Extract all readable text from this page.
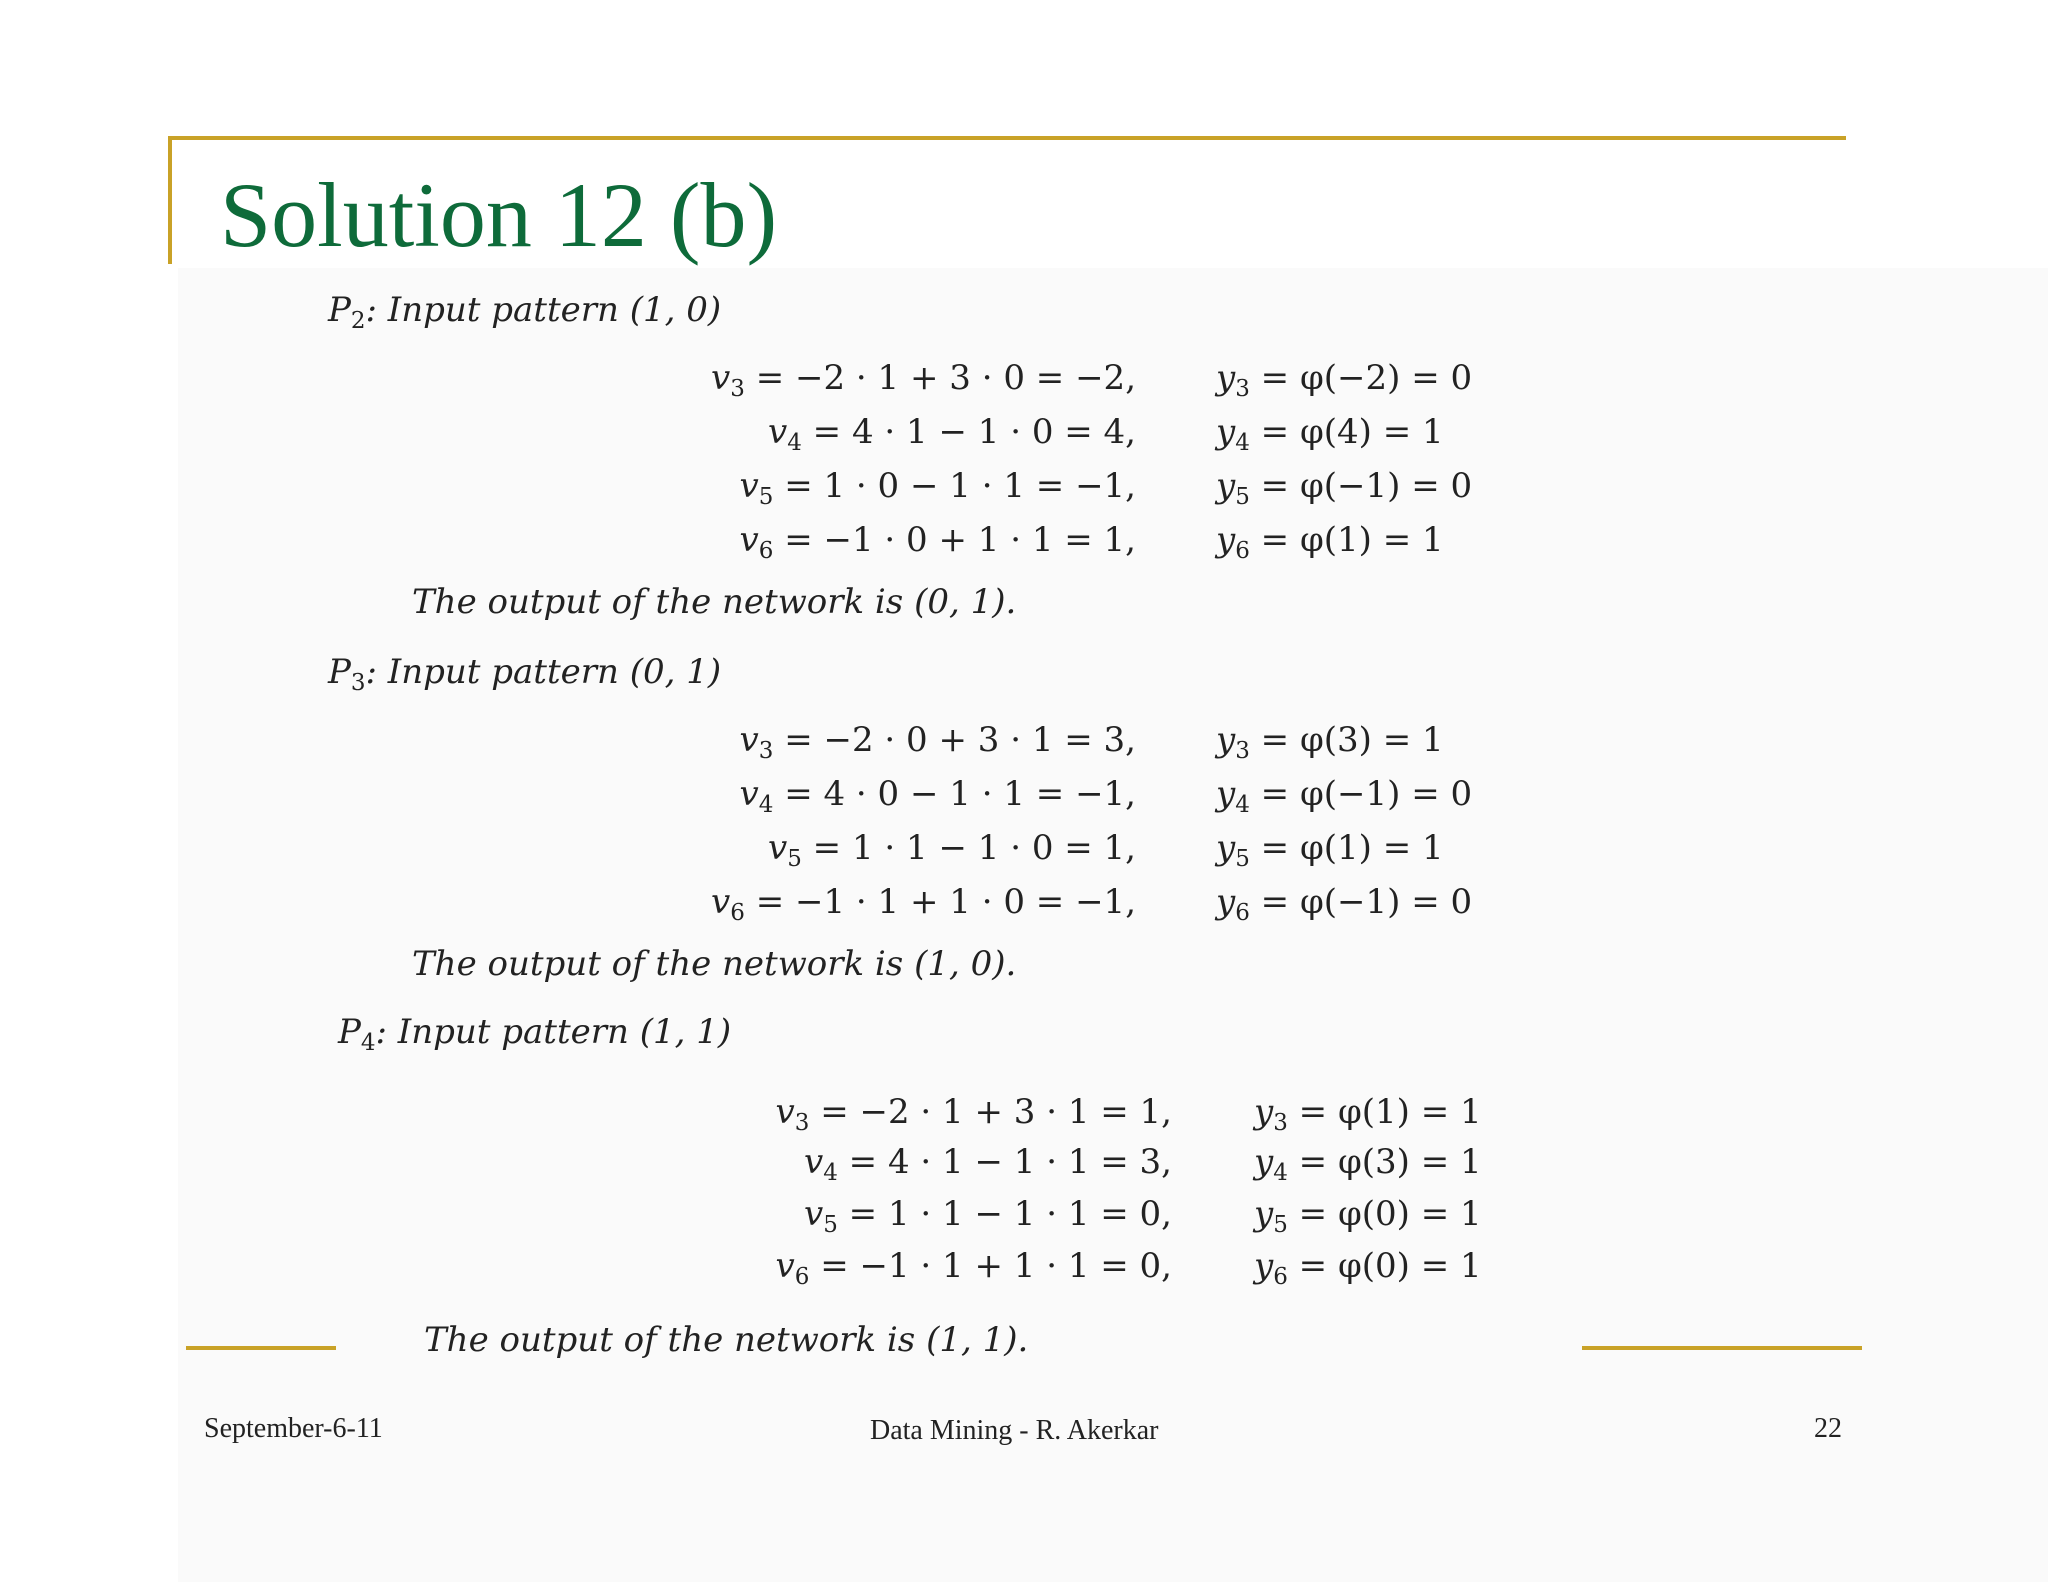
Solution 12 (b)
$P_2$: Input pattern (1, 0)
$v_3 = -2 \cdot 1 + 3 \cdot 0 = -2$, $y_3 = \varphi(-2) = 0$
$v_4 = 4 \cdot 1 - 1 \cdot 0 = 4$, $y_4 = \varphi(4) = 1$
$v_5 = 1 \cdot 0 - 1 \cdot 1 = -1$, $y_5 = \varphi(-1) = 0$
$v_6 = -1 \cdot 0 + 1 \cdot 1 = 1$, $y_6 = \varphi(1) = 1$
The output of the network is (0, 1).
$P_3$: Input pattern (0, 1)
$v_3 = -2 \cdot 0 + 3 \cdot 1 = 3$, $y_3 = \varphi(3) = 1$
$v_4 = 4 \cdot 0 - 1 \cdot 1 = -1$, $y_4 = \varphi(-1) = 0$
$v_5 = 1 \cdot 1 - 1 \cdot 0 = 1$, $y_5 = \varphi(1) = 1$
$v_6 = -1 \cdot 1 + 1 \cdot 0 = -1$, $y_6 = \varphi(-1) = 0$
The output of the network is (1, 0).
$P_4$: Input pattern (1, 1)
$v_3 = -2 \cdot 1 + 3 \cdot 1 = 1$, $y_3 = \varphi(1) = 1$
$v_4 = 4 \cdot 1 - 1 \cdot 1 = 3$, $y_4 = \varphi(3) = 1$
$v_5 = 1 \cdot 1 - 1 \cdot 1 = 0$, $y_5 = \varphi(0) = 1$
$v_6 = -1 \cdot 1 + 1 \cdot 1 = 0$, $y_6 = \varphi(0) = 1$
The output of the network is (1, 1).
September-6-11	Data Mining - R. Akerkar	22
